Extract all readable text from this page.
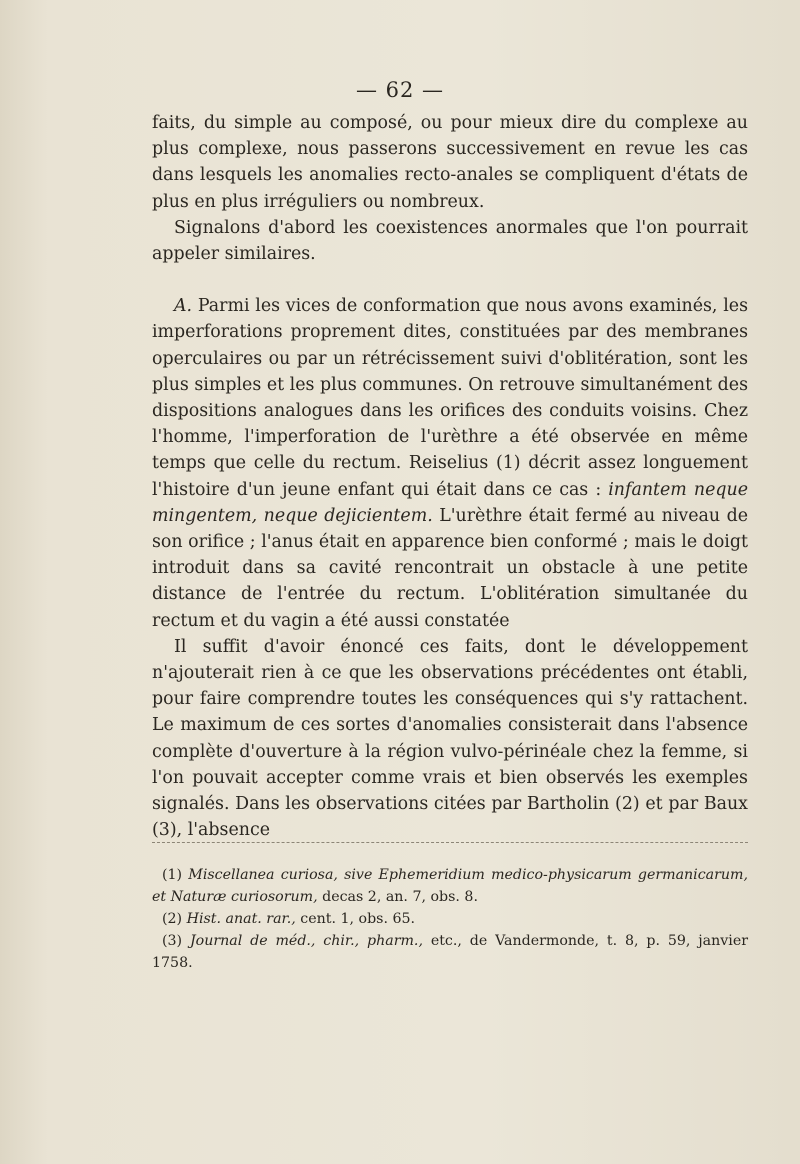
— 62 —

faits, du simple au composé, ou pour mieux dire du complexe au plus complexe, nous passerons successivement en revue les cas dans lesquels les anomalies recto-anales se compliquent d'états de plus en plus irréguliers ou nombreux.

Signalons d'abord les coexistences anormales que l'on pourrait appeler similaires.

A. Parmi les vices de conformation que nous avons examinés, les imperforations proprement dites, constituées par des membranes operculaires ou par un rétrécissement suivi d'oblitération, sont les plus simples et les plus communes. On retrouve simultanément des dispositions analogues dans les orifices des conduits voisins. Chez l'homme, l'imperforation de l'urèthre a été observée en même temps que celle du rectum. Reiselius (1) décrit assez longuement l'histoire d'un jeune enfant qui était dans ce cas : infantem neque mingentem, neque dejicientem. L'urèthre était fermé au niveau de son orifice ; l'anus était en apparence bien conformé ; mais le doigt introduit dans sa cavité rencontrait un obstacle à une petite distance de l'entrée du rectum. L'oblitération simultanée du rectum et du vagin a été aussi constatée

Il suffit d'avoir énoncé ces faits, dont le développement n'ajouterait rien à ce que les observations précédentes ont établi, pour faire comprendre toutes les conséquences qui s'y rattachent. Le maximum de ces sortes d'anomalies consisterait dans l'absence complète d'ouverture à la région vulvo-périnéale chez la femme, si l'on pouvait accepter comme vrais et bien observés les exemples signalés. Dans les observations citées par Bartholin (2) et par Baux (3), l'absence

(1) Miscellanea curiosa, sive Ephemeridium medico-physicarum germanicarum, et Naturæ curiosorum, decas 2, an. 7, obs. 8.

(2) Hist. anat. rar., cent. 1, obs. 65.

(3) Journal de méd., chir., pharm., etc., de Vandermonde, t. 8, p. 59, janvier 1758.
